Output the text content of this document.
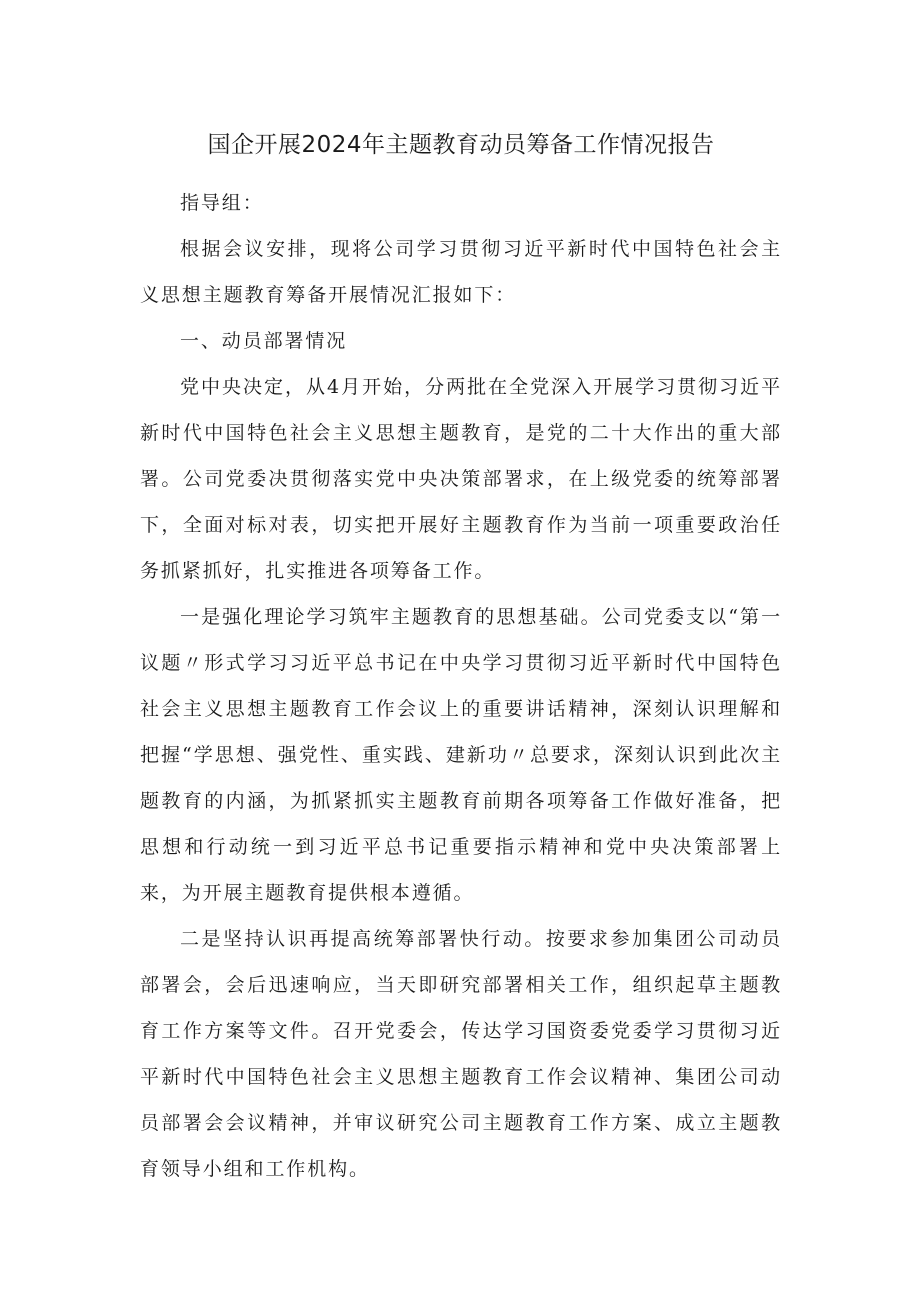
国企开展2024年主题教育动员筹备工作情况报告

指导组：

根据会议安排，现将公司学习贯彻习近平新时代中国特色社会主义思想主题教育筹备开展情况汇报如下：

一、动员部署情况

党中央决定，从4月开始，分两批在全党深入开展学习贯彻习近平新时代中国特色社会主义思想主题教育，是党的二十大作出的重大部署。公司党委决贯彻落实党中央决策部署求，在上级党委的统筹部署下，全面对标对表，切实把开展好主题教育作为当前一项重要政治任务抓紧抓好，扎实推进各项筹备工作。

一是强化理论学习筑牢主题教育的思想基础。公司党委支以“第一议题〃形式学习习近平总书记在中央学习贯彻习近平新时代中国特色社会主义思想主题教育工作会议上的重要讲话精神，深刻认识理解和把握“学思想、强党性、重实践、建新功〃总要求，深刻认识到此次主题教育的内涵，为抓紧抓实主题教育前期各项筹备工作做好准备，把思想和行动统一到习近平总书记重要指示精神和党中央决策部署上来，为开展主题教育提供根本遵循。

二是坚持认识再提高统筹部署快行动。按要求参加集团公司动员部署会，会后迅速响应，当天即研究部署相关工作，组织起草主题教育工作方案等文件。召开党委会，传达学习国资委党委学习贯彻习近平新时代中国特色社会主义思想主题教育工作会议精神、集团公司动员部署会会议精神，并审议研究公司主题教育工作方案、成立主题教育领导小组和工作机构。
